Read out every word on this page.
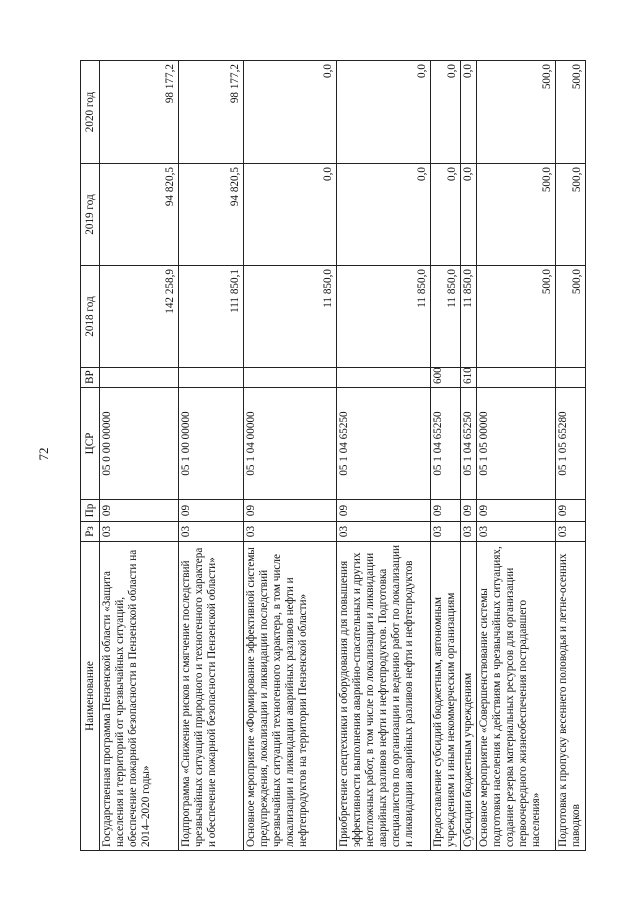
72
Наименование	Рз	Пр	ЦСР	ВР	2018 год	2019 год	2020 год
Государственная программа Пензенской области «Защита населения и территорий от чрезвычайных ситуаций, обеспечение пожарной безопасности в Пензенской области на 2014–2020 годы»	03	09	05 0 00 00000		142 258,9	94 820,5	98 177,2
Подпрограмма «Снижение рисков и смягчение последствий чрезвычайных ситуаций природного и техногенного характера и обеспечение пожарной безопасности Пензенской области»	03	09	05 1 00 00000		111 850,1	94 820,5	98 177,2
Основное мероприятие «Формирование эффективной системы предупреждения, локализации и ликвидации последствий чрезвычайных ситуаций техногенного характера, в том числе локализации и ликвидации аварийных разливов нефти и нефтепродуктов на территории Пензенской области»	03	09	05 1 04 00000		11 850,0	0,0	0,0
Приобретение спецтехники и оборудования для повышения эффективности выполнения аварийно-спасательных и других неотложных работ, в том числе по локализации и ликвидации аварийных разливов нефти и нефтепродуктов. Подготовка специалистов по организации и ведению работ по локализации и ликвидации аварийных разливов нефти и нефтепродуктов	03	09	05 1 04 65250		11 850,0	0,0	0,0
Предоставление субсидий бюджетным, автономным учреждениям и иным некоммерческим организациям	03	09	05 1 04 65250	600	11 850,0	0,0	0,0
Субсидии бюджетным учреждениям	03	09	05 1 04 65250	610	11 850,0	0,0	0,0
Основное мероприятие «Совершенствование системы подготовки населения к действиям в чрезвычайных ситуациях, создание резерва материальных ресурсов для организации первоочередного жизнеобеспечения пострадавшего населения»	03	09	05 1 05 00000		500,0	500,0	500,0
Подготовка к пропуску весеннего половодья и летне-осенних паводков	03	09	05 1 05 65280		500,0	500,0	500,0
